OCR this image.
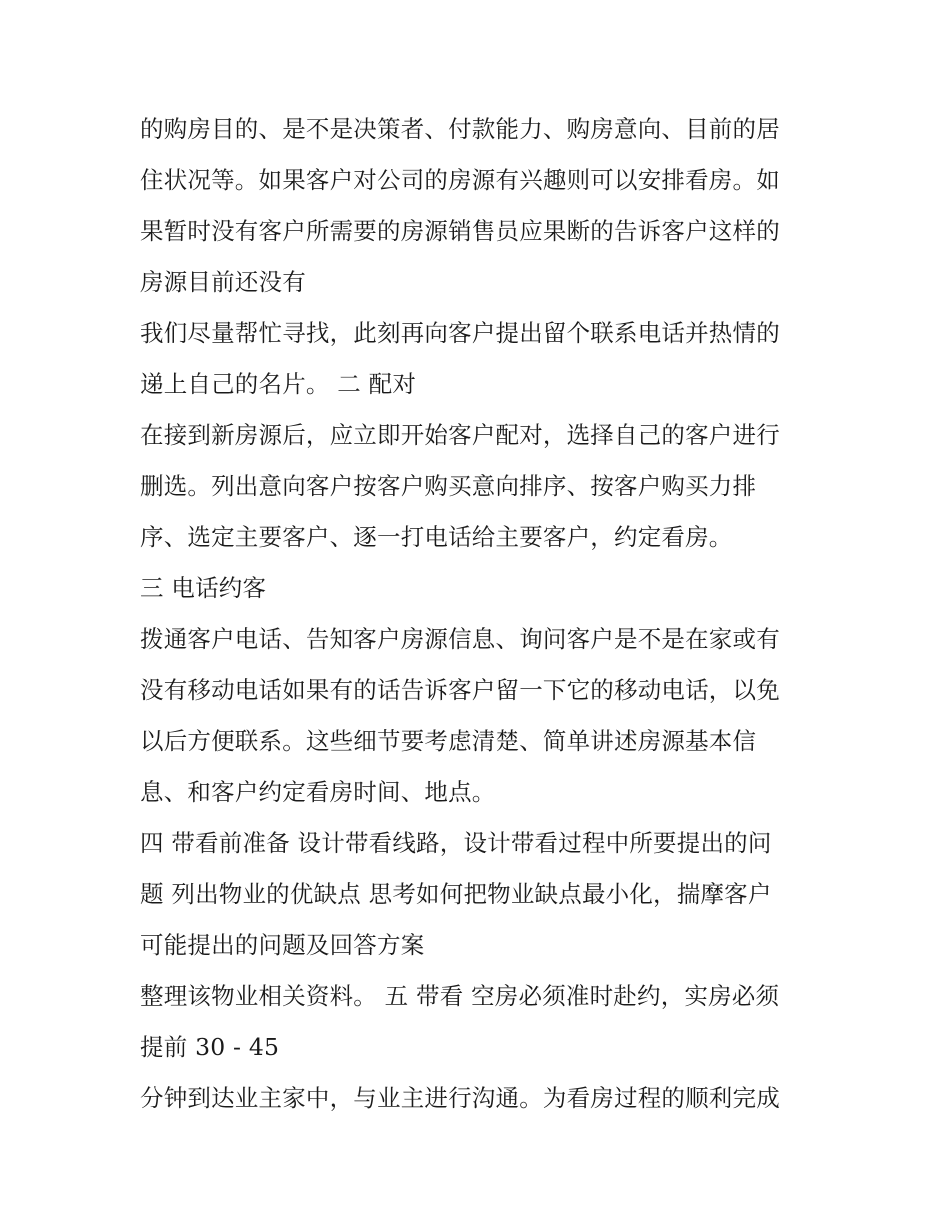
的购房目的、是不是决策者、付款能力、购房意向、目前的居
住状况等。如果客户对公司的房源有兴趣则可以安排看房。如
果暂时没有客户所需要的房源销售员应果断的告诉客户这样的
房源目前还没有
我们尽量帮忙寻找，此刻再向客户提出留个联系电话并热情的
递上自己的名片。 二 配对
在接到新房源后，应立即开始客户配对，选择自己的客户进行
删选。列出意向客户按客户购买意向排序、按客户购买力排
序、选定主要客户、逐一打电话给主要客户，约定看房。
三 电话约客
拨通客户电话、告知客户房源信息、询问客户是不是在家或有
没有移动电话如果有的话告诉客户留一下它的移动电话，以免
以后方便联系。这些细节要考虑清楚、简单讲述房源基本信
息、和客户约定看房时间、地点。
四 带看前准备 设计带看线路，设计带看过程中所要提出的问
题 列出物业的优缺点 思考如何把物业缺点最小化，揣摩客户
可能提出的问题及回答方案
整理该物业相关资料。 五 带看 空房必须准时赴约，实房必须
提前 30 - 45
分钟到达业主家中，与业主进行沟通。为看房过程的顺利完成
